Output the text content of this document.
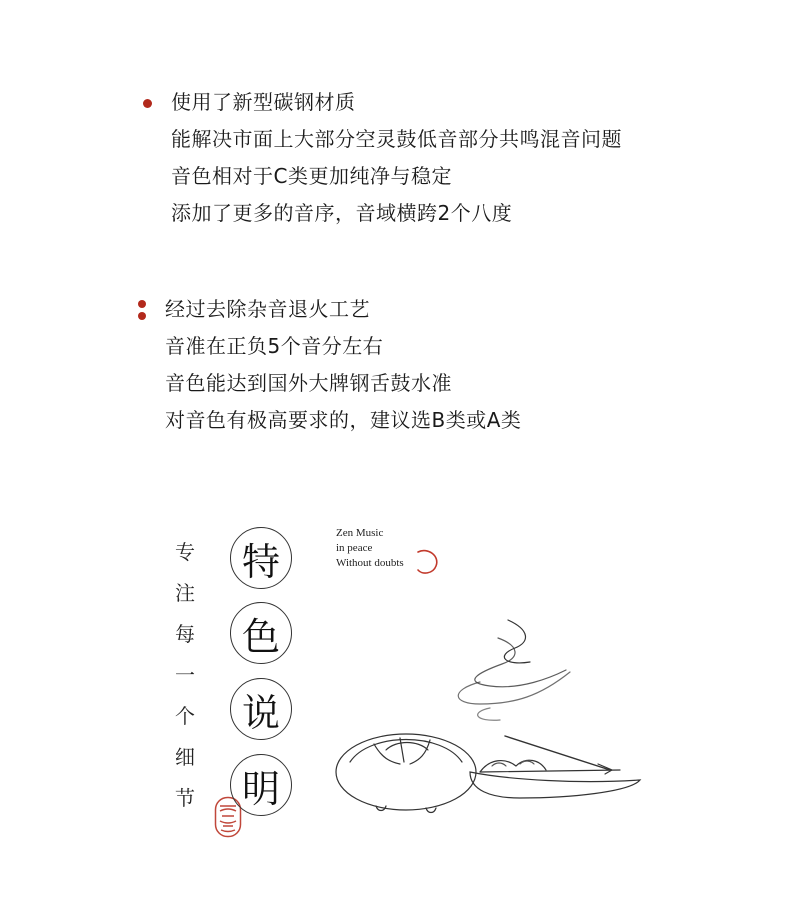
使用了新型碳钢材质
能解决市面上大部分空灵鼓低音部分共鸣混音问题
音色相对于C类更加纯净与稳定
添加了更多的音序，音域横跨2个八度
经过去除杂音退火工艺
音准在正负5个音分左右
音色能达到国外大牌钢舌鼓水准
对音色有极高要求的，建议选B类或A类
专
注
每
一
个
细
节
特
色
说
明
Zen Music
in peace
Without doubts
